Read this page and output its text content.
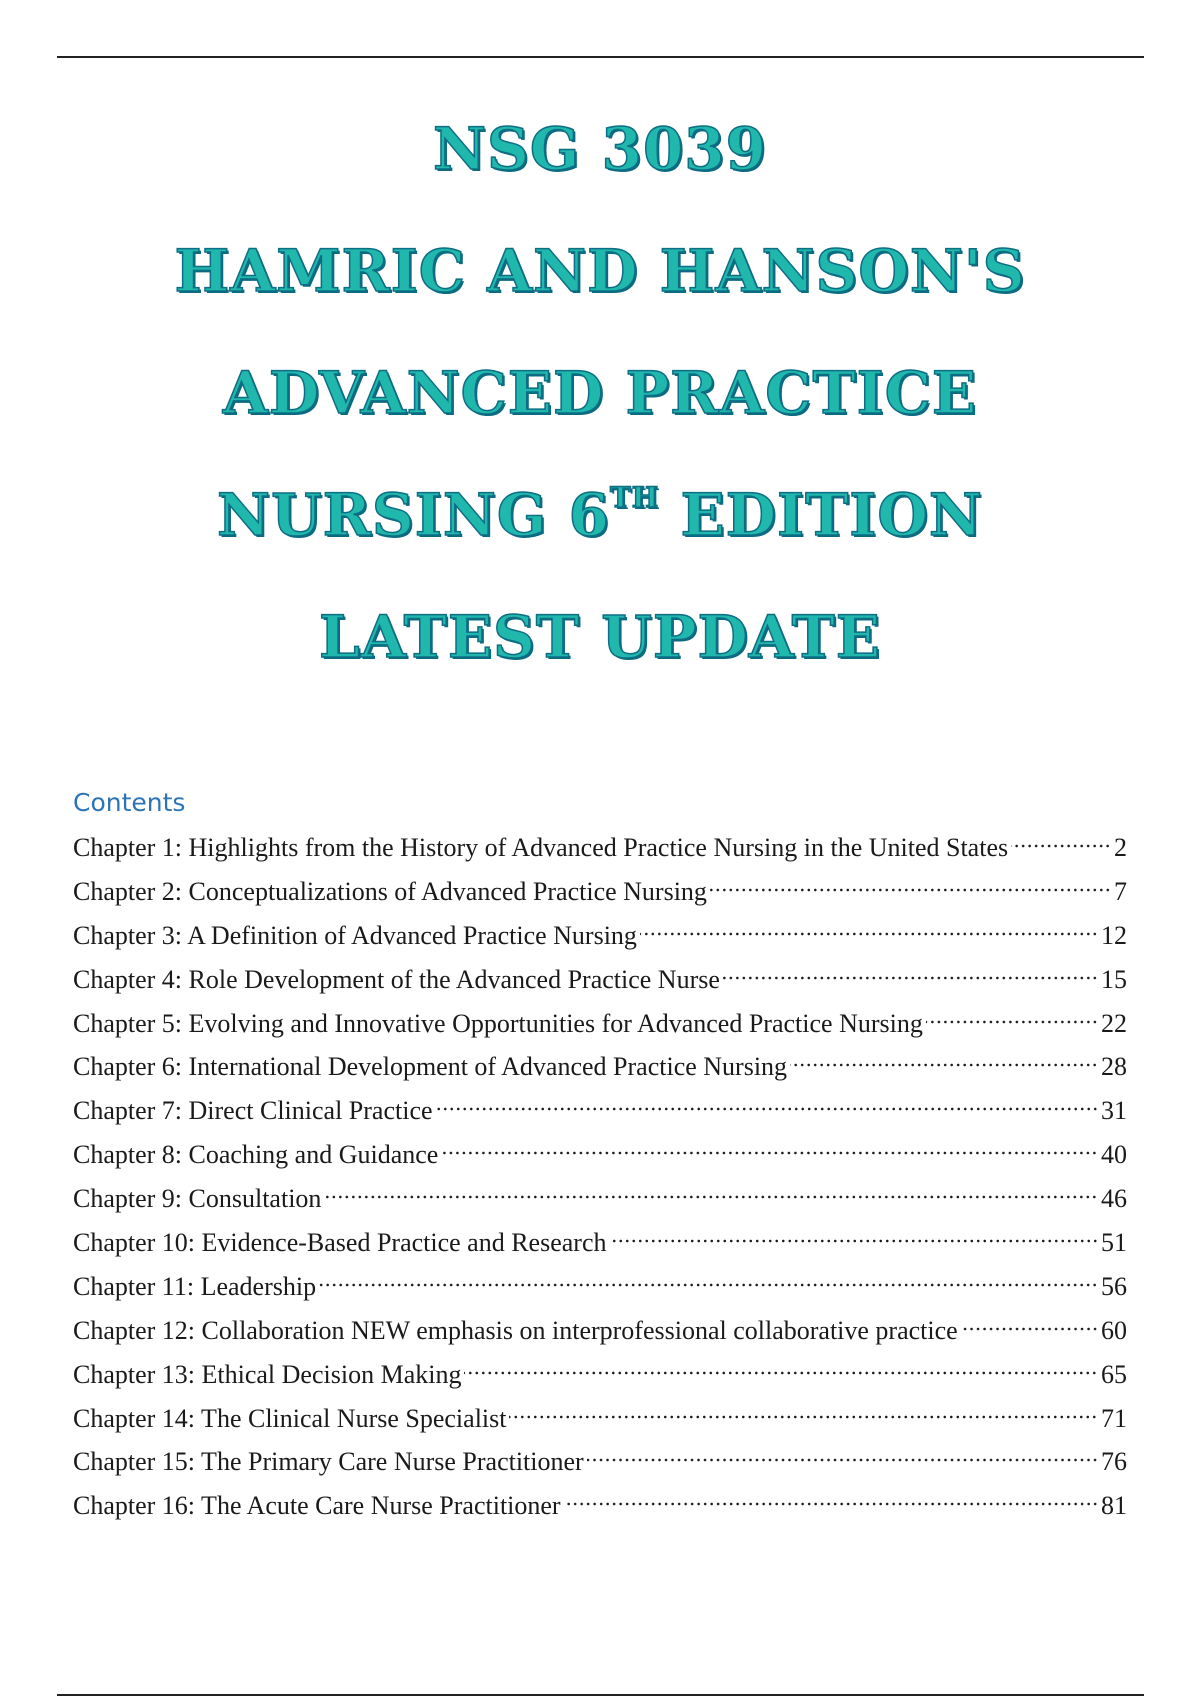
NSG 3039
HAMRIC AND HANSON'S
ADVANCED PRACTICE
NURSING 6TH EDITION
LATEST UPDATE
Contents
Chapter 1: Highlights from the History of Advanced Practice Nursing in the United States	2
Chapter 2: Conceptualizations of Advanced Practice Nursing	7
Chapter 3: A Definition of Advanced Practice Nursing	12
Chapter 4: Role Development of the Advanced Practice Nurse	15
Chapter 5: Evolving and Innovative Opportunities for Advanced Practice Nursing	22
Chapter 6: International Development of Advanced Practice Nursing	28
Chapter 7: Direct Clinical Practice	31
Chapter 8: Coaching and Guidance	40
Chapter 9: Consultation	46
Chapter 10: Evidence-Based Practice and Research	51
Chapter 11: Leadership	56
Chapter 12: Collaboration NEW emphasis on interprofessional collaborative practice	60
Chapter 13: Ethical Decision Making	65
Chapter 14: The Clinical Nurse Specialist	71
Chapter 15: The Primary Care Nurse Practitioner	76
Chapter 16: The Acute Care Nurse Practitioner	81
